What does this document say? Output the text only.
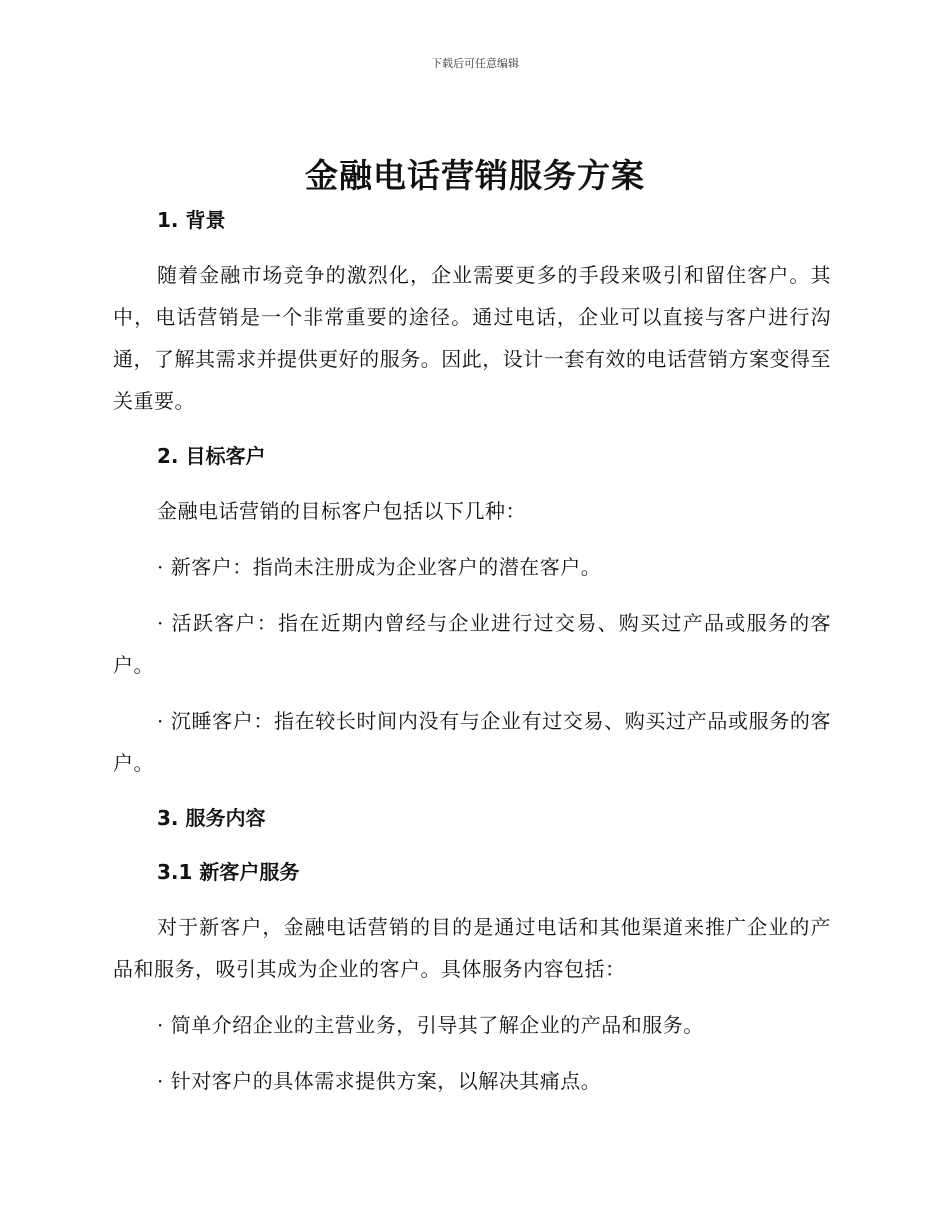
下载后可任意编辑
金融电话营销服务方案
1. 背景

随着金融市场竞争的激烈化，企业需要更多的手段来吸引和留住客户。其中，电话营销是一个非常重要的途径。通过电话，企业可以直接与客户进行沟通，了解其需求并提供更好的服务。因此，设计一套有效的电话营销方案变得至关重要。

2. 目标客户

金融电话营销的目标客户包括以下几种：

· 新客户：指尚未注册成为企业客户的潜在客户。

· 活跃客户：指在近期内曾经与企业进行过交易、购买过产品或服务的客户。

· 沉睡客户：指在较长时间内没有与企业有过交易、购买过产品或服务的客户。

3. 服务内容
3.1 新客户服务

对于新客户，金融电话营销的目的是通过电话和其他渠道来推广企业的产品和服务，吸引其成为企业的客户。具体服务内容包括：

· 简单介绍企业的主营业务，引导其了解企业的产品和服务。

· 针对客户的具体需求提供方案，以解决其痛点。
